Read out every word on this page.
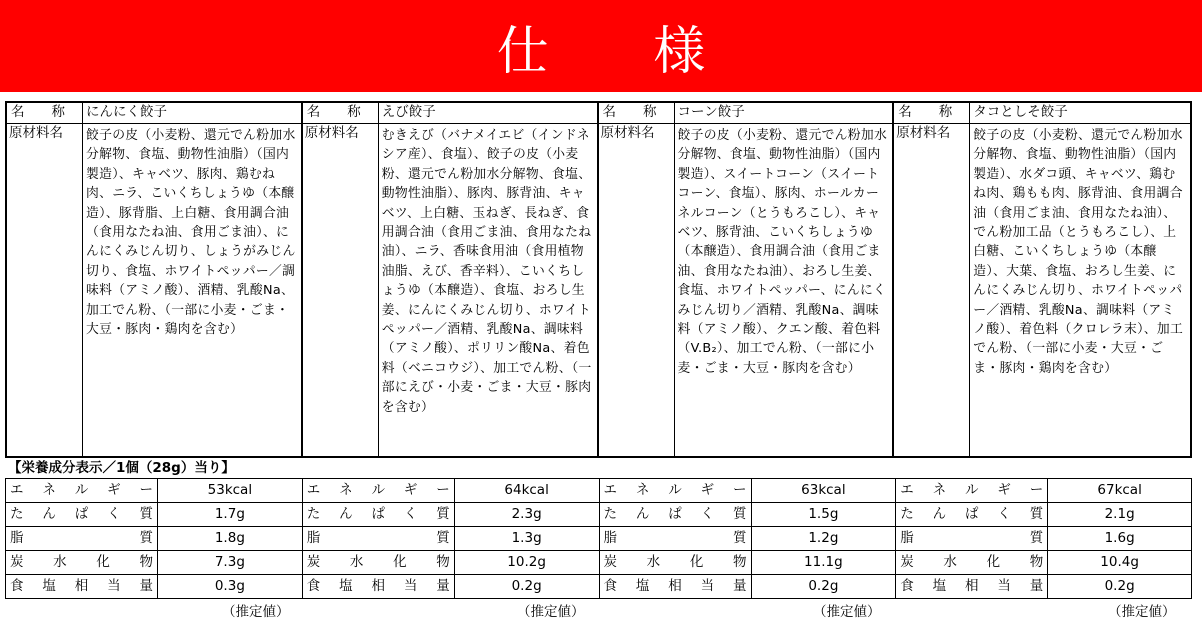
仕 様
名　　称	にんにく餃子
原材料名	餃子の皮（小麦粉、還元でん粉加水分解物、食塩、動物性油脂）（国内製造）、キャベツ、豚肉、鶏むね肉、ニラ、こいくちしょうゆ（本醸造）、豚背脂、上白糖、食用調合油（食用なたね油、食用ごま油）、にんにくみじん切り、しょうがみじん切り、食塩、ホワイトペッパー／調味料（アミノ酸）、酒精、乳酸Na、加工でん粉、（一部に小麦・ごま・大豆・豚肉・鶏肉を含む）
名　　称	えび餃子
原材料名	むきえび（バナメイエビ（インドネシア産）、食塩）、餃子の皮（小麦粉、還元でん粉加水分解物、食塩、動物性油脂）、豚肉、豚背油、キャベツ、上白糖、玉ねぎ、長ねぎ、食用調合油（食用ごま油、食用なたね油）、ニラ、香味食用油（食用植物油脂、えび、香辛料）、こいくちしょうゆ（本醸造）、食塩、おろし生姜、にんにくみじん切り、ホワイトペッパー／酒精、乳酸Na、調味料（アミノ酸）、ポリリン酸Na、着色料（ベニコウジ）、加工でん粉、（一部にえび・小麦・ごま・大豆・豚肉を含む）
名　　称	コーン餃子
原材料名	餃子の皮（小麦粉、還元でん粉加水分解物、食塩、動物性油脂）（国内製造）、スイートコーン（スイートコーン、食塩）、豚肉、ホールカーネルコーン（とうもろこし）、キャベツ、豚背油、こいくちしょうゆ（本醸造）、食用調合油（食用ごま油、食用なたね油）、おろし生姜、食塩、ホワイトペッパー、にんにくみじん切り／酒精、乳酸Na、調味料（アミノ酸）、クエン酸、着色料（V.B₂）、加工でん粉、（一部に小麦・ごま・大豆・豚肉を含む）
名　　称	タコとしそ餃子
原材料名	餃子の皮（小麦粉、還元でん粉加水分解物、食塩、動物性油脂）（国内製造）、水ダコ頭、キャベツ、鶏むね肉、鶏もも肉、豚背油、食用調合油（食用ごま油、食用なたね油）、でん粉加工品（とうもろこし）、上白糖、こいくちしょうゆ（本醸造）、大葉、食塩、おろし生姜、にんにくみじん切り、ホワイトペッパー／酒精、乳酸Na、調味料（アミノ酸）、着色料（クロレラ末）、加工でん粉、（一部に小麦・大豆・ごま・豚肉・鶏肉を含む）
【栄養成分表示／1個（28g）当り】
エネルギー	53kcal
たんぱく質	1.7g
脂質	1.8g
炭水化物	7.3g
食塩相当量	0.3g
エネルギー	64kcal
たんぱく質	2.3g
脂質	1.3g
炭水化物	10.2g
食塩相当量	0.2g
エネルギー	63kcal
たんぱく質	1.5g
脂質	1.2g
炭水化物	11.1g
食塩相当量	0.2g
エネルギー	67kcal
たんぱく質	2.1g
脂質	1.6g
炭水化物	10.4g
食塩相当量	0.2g
（推定値）	（推定値）	（推定値）	（推定値）
